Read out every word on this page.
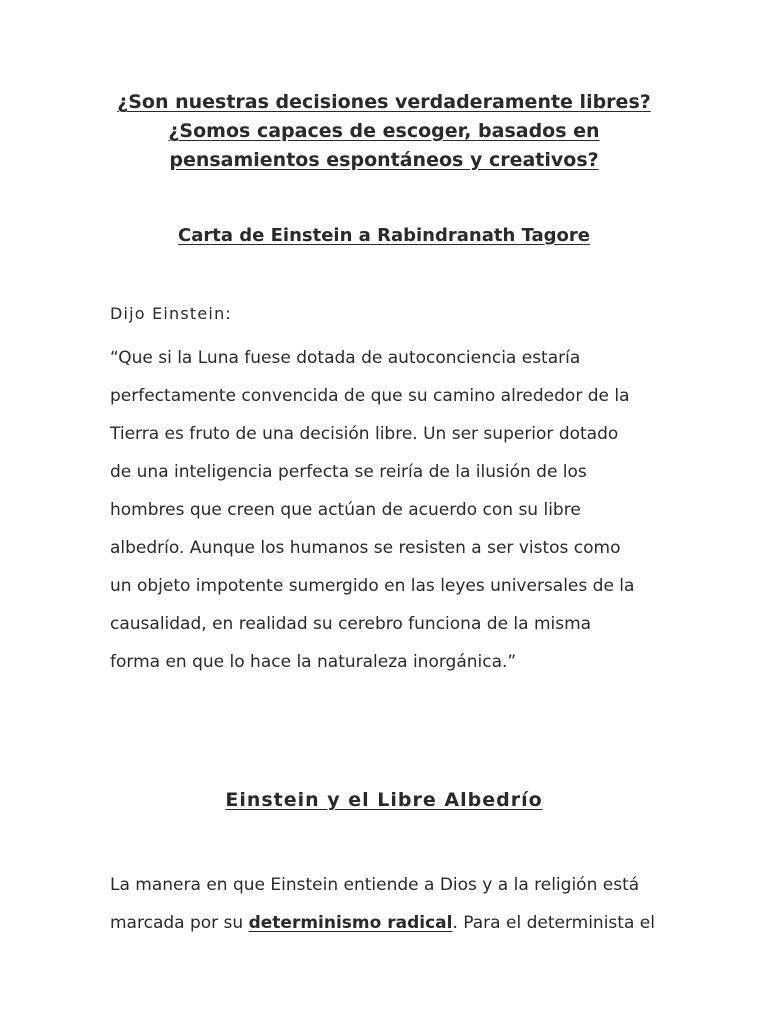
¿Son nuestras decisiones verdaderamente libres?
¿Somos capaces de escoger, basados en
pensamientos espontáneos y creativos?
Carta de Einstein a Rabindranath Tagore
Dijo Einstein:
“Que si la Luna fuese dotada de autoconciencia estaría
perfectamente convencida de que su camino alrededor de la
Tierra es fruto de una decisión libre. Un ser superior dotado
de una inteligencia perfecta se reiría de la ilusión de los
hombres que creen que actúan de acuerdo con su libre
albedrío. Aunque los humanos se resisten a ser vistos como
un objeto impotente sumergido en las leyes universales de la
causalidad, en realidad su cerebro funciona de la misma
forma en que lo hace la naturaleza inorgánica.”
Einstein y el Libre Albedrío
La manera en que Einstein entiende a Dios y a la religión está
marcada por su determinismo radical. Para el determinista el
